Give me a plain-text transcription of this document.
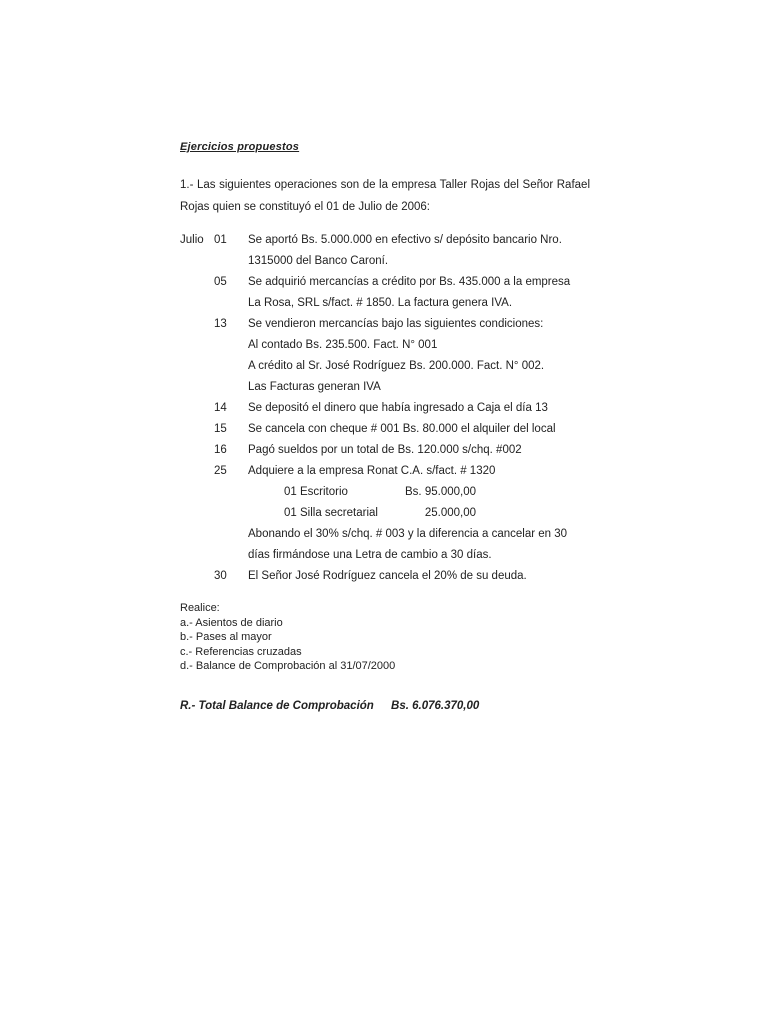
Ejercicios propuestos
1.- Las siguientes operaciones son de la empresa Taller Rojas del Señor Rafael Rojas quien se constituyó el 01 de Julio de 2006:
Julio 01	Se aportó Bs. 5.000.000 en efectivo s/ depósito bancario Nro.
1315000 del Banco Caroní.
05	Se adquirió mercancías a crédito por Bs. 435.000 a la empresa
La Rosa, SRL s/fact. # 1850. La factura genera IVA.
13	Se vendieron mercancías bajo las siguientes condiciones:
Al contado Bs. 235.500. Fact. N° 001
A crédito al Sr. José Rodríguez Bs. 200.000. Fact. N° 002.
Las Facturas generan IVA
14	Se depositó el dinero que había ingresado a Caja el día 13
15	Se cancela con cheque # 001 Bs. 80.000 el alquiler del local
16	Pagó sueldos por un total de Bs. 120.000 s/chq. #002
25	Adquiere a la empresa Ronat C.A. s/fact. # 1320
01 Escritorio	Bs. 95.000,00
01 Silla secretarial	25.000,00
Abonando el 30% s/chq. # 003 y la diferencia a cancelar en 30
días firmándose una Letra de cambio a 30 días.
30	El Señor José Rodríguez cancela el 20% de su deuda.
Realice:
a.- Asientos de diario
b.- Pases al mayor
c.- Referencias cruzadas
d.- Balance de Comprobación al 31/07/2000
R.- Total Balance de Comprobación Bs. 6.076.370,00
